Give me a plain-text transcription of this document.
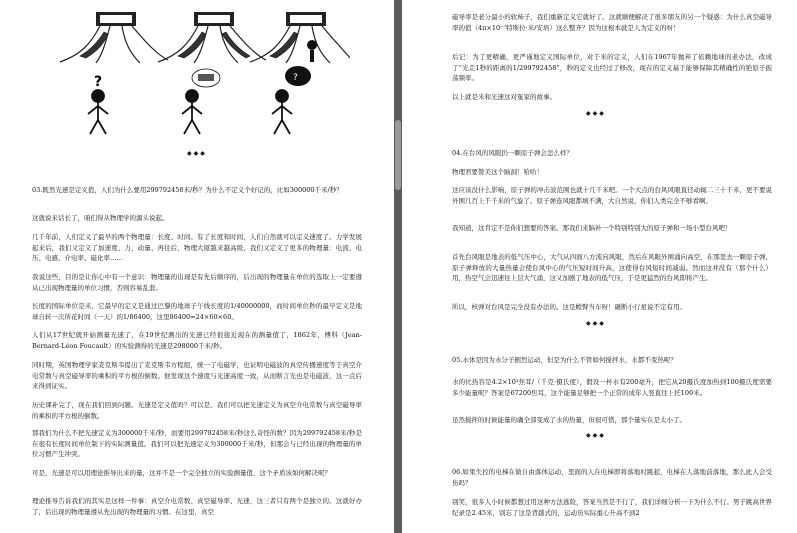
?	?
◆◆◆

03.既然光速是定义值，人们为什么要用299792458米/秒？为什么不定义个好记的，比如300000千米/秒？

这就说来话长了，咱们得从物理学的源头说起。

几千年前，人们定义了最早的两个物理量：长度、时间。有了长度和时间，人们自然就可以定义速度了。力学发展起来后，我们又定义了加速度、力、动量、再往后，物理大厦越来越高级，我们又定义了更多的物理量：电流、电压、电感、介电率、磁化率……

我说这些，目的是让你心中有一个意识：物理量的出现是有先后顺序的，后出现的物理量在单位的选取上一定要遵从已出现物理量的单位习惯，否则容易乱套。

长度的国际单位是米，它最早的定义是通过巴黎的地球子午线长度的1/40000000，而时间单位秒的最早定义是地球自转一次所花时间（一天）的1/86400，这里86400=24×60×60。

人们从17世纪就开始测量光速了，在19世纪测出的光速已经很接近现在的测量值了，1862年，傅科（Jean-Bernard-Léon Foucault）的实验测得的光速是298000千米/秒。

同时期，英国物理学家麦克斯韦提出了麦克斯韦方程组，统一了电磁学，也证明电磁波的真空传播速度等于真空介电常数与真空磁导率的乘积的平方根的倒数。他发现这个速度与光速高度一致，从而断言光也是电磁波，这一点后来得到证实。

历史课补完了，现在我们回到问题。光速是定义值吗？可以是。我们可以把光速定义为真空介电常数与真空磁导率的乘积的平方根的倒数。

那我们为什么不把光速定义为300000千米/秒，而要用299792458米/秒这么奇怪的数？因为299792458米/秒是在很有长度时间单位制下的实际测量值。我们可以把光速定义为300000千米/秒，但那会与已经出现的物理量的单位习惯产生冲突。

可是，光速是可以用理论推导出来的量，这并不是一个完全独立的实验测量值，这个矛盾该如何解决呢？

理论推导告诉我们的其实是这样一件事：真空介电常数、真空磁导率、光速，这三者只有两个是独立的。这就好办了，后出现的物理量遵从先出现的物理量的习惯。在这里，真空

磁导率是老分最小的软柿子，我们重新定义它就好了。这就顺便解决了很多朋友的另一个疑惑：为什么真空磁导率的值（4π×10⁻⁷特斯拉·米/安培）这么整齐？因为这根本就是人为定义的呀！

后记：为了更精确，更严谨地定义国际单位，对于米的定义，人们在1967年抛弃了依赖地球的老办法，改成了“光走1秒的距离的1/299792458”，秒的定义也经过了修改，现在的定义基于能够保障其精确性的铯原子振荡频率。

以上就是米和光速这对冤家的故事。

◆◆◆

04.在台风的风眼扔一颗原子弹会怎么样？

物理君要赞美这个脑洞！哈哈！

这应该没什么影响，原子弹的冲击波范围也就十几千米吧。一个大点的台风风眼直径动辄二三十千米，更不要说外围几百上千千米的气旋了。原子弹连风眼都填不满，大自然说，你们人类完全不够看啊。

我知道，这肯定不是你们想要的答案。那我们来脑补一个特别特别大的原子弹和一场小型台风吧！

首先台风眼是地表的低气压中心，大气从四面八方流向风眼，然后在风眼外围涌向高空，在那里去一颗原子弹，原子弹释放的大量热量会使台风中心的气压短时间升高，这使得台风短时间减弱。然而这并没有（那个什么）用，热空气会迅速往上层大气涌，这又加剧了地表的低气压，于是更猛烈的台风即将产生。

所以，核弹对台风是完全没有办法的。这是螳臂当车呀！砸断小行星说不定有用。

◆◆◆

05.水体是因为水分子剧烈运动，但是为什么不管如何搅拌水，水都不变热呢？

水的比热容是4.2×10³焦耳/（千克·摄氏度），假设一杯水有200毫升，把它从20摄氏度加热到100摄氏度需要多少能量呢？答案是67200焦耳，这个能量足够把一个正常的成年人竖直往上托100米。

虽然搅拌的时候能量的确全部变成了水的热量，但很可惜，那个量实在是太小了。

◆◆◆

06.如果失控的电梯在做自由落体运动，里面的人在电梯即将落地时跳起，电梯在人落地前落地，那么此人会受伤吗？

别笑，很多人小时候都想过用这种方法逃险，答案当然是不行了，我们详细分析一下为什么不行。男子跳高世界纪录是2.45米，别忘了这是背越式的，运动员实际重心升高不到2
